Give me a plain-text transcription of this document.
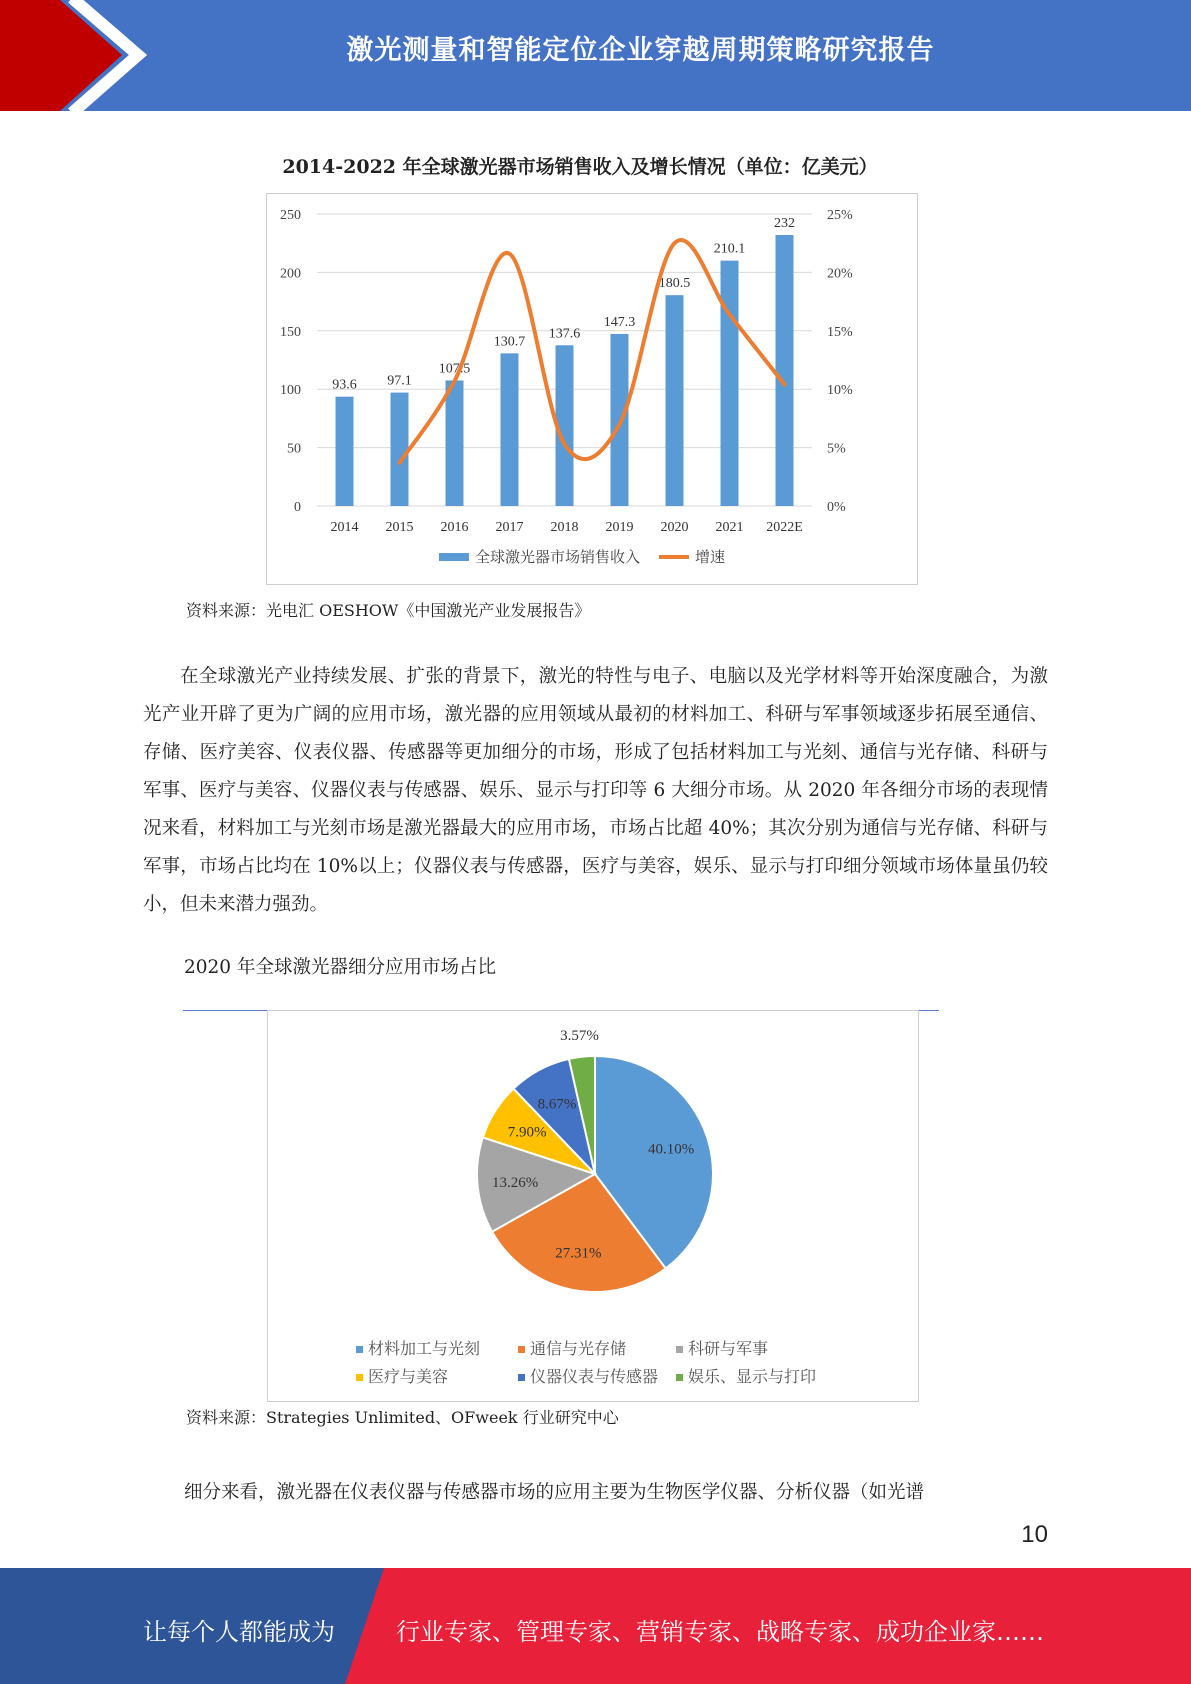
激光测量和智能定位企业穿越周期策略研究报告
2014-2022 年全球激光器市场销售收入及增长情况（单位：亿美元）
0
50
100
150
200
250
0%
5%
10%
15%
20%
25%
93.6
2014
97.1
2015
107.5
2016
130.7
2017
137.6
2018
147.3
2019
180.5
2020
210.1
2021
232
2022E
全球激光器市场销售收入	增速
资料来源：光电汇 OESHOW《中国激光产业发展报告》

在全球激光产业持续发展、扩张的背景下，激光的特性与电子、电脑以及光学材料等开始深度融合，为激光产业开辟了更为广阔的应用市场，激光器的应用领域从最初的材料加工、科研与军事领域逐步拓展至通信、存储、医疗美容、仪表仪器、传感器等更加细分的市场，形成了包括材料加工与光刻、通信与光存储、科研与军事、医疗与美容、仪器仪表与传感器、娱乐、显示与打印等 6 大细分市场。从 2020 年各细分市场的表现情况来看，材料加工与光刻市场是激光器最大的应用市场，市场占比超 40%；其次分别为通信与光存储、科研与军事，市场占比均在 10%以上；仪器仪表与传感器，医疗与美容，娱乐、显示与打印细分领域市场体量虽仍较小，但未来潜力强劲。

2020 年全球激光器细分应用市场占比
40.10%
27.31%
13.26%
7.90%
8.67%
3.57%
材料加工与光刻	通信与光存储	科研与军事
医疗与美容	仪器仪表与传感器	娱乐、显示与打印
资料来源：Strategies Unlimited、OFweek 行业研究中心
细分来看，激光器在仪表仪器与传感器市场的应用主要为生物医学仪器、分析仪器（如光谱
10
让每个人都能成为	行业专家、管理专家、营销专家、战略专家、成功企业家……
